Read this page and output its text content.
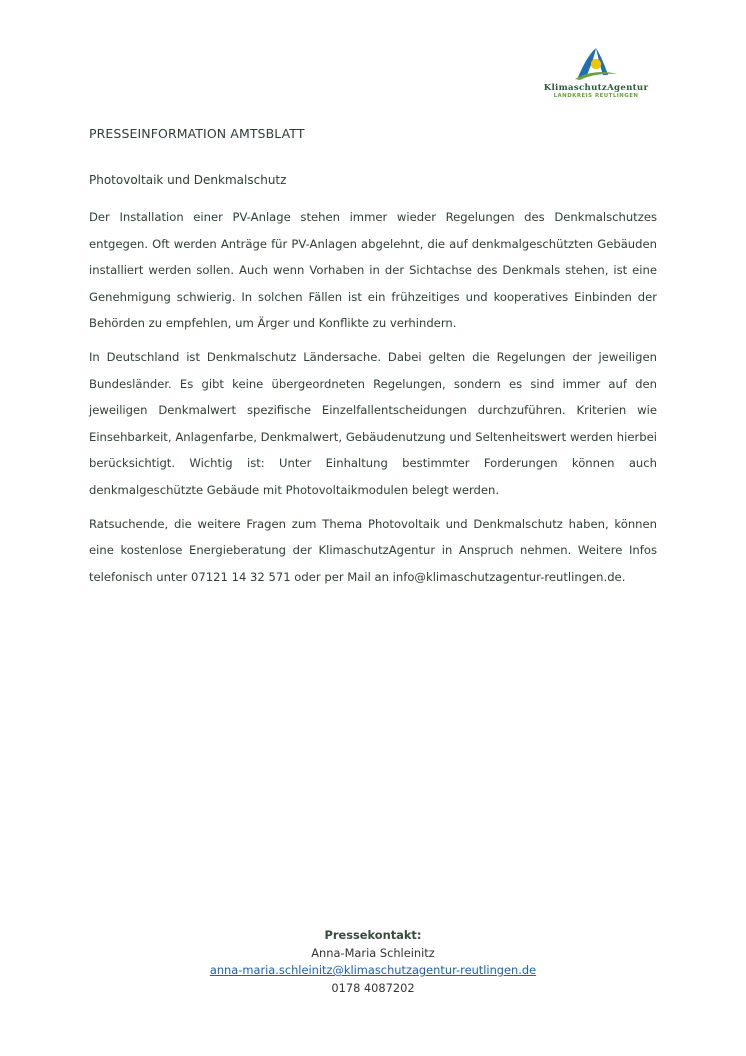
KlimaschutzAgentur
LANDKREIS REUTLINGEN
PRESSEINFORMATION AMTSBLATT
Photovoltaik und Denkmalschutz

Der Installation einer PV-Anlage stehen immer wieder Regelungen des Denkmalschutzes entgegen. Oft werden Anträge für PV-Anlagen abgelehnt, die auf denkmalgeschützten Gebäuden installiert werden sollen. Auch wenn Vorhaben in der Sichtachse des Denkmals stehen, ist eine Genehmigung schwierig. In solchen Fällen ist ein frühzeitiges und kooperatives Einbinden der Behörden zu empfehlen, um Ärger und Konflikte zu verhindern.

In Deutschland ist Denkmalschutz Ländersache. Dabei gelten die Regelungen der jeweiligen Bundesländer. Es gibt keine übergeordneten Regelungen, sondern es sind immer auf den jeweiligen Denkmalwert spezifische Einzelfallentscheidungen durchzuführen. Kriterien wie Einsehbarkeit, Anlagenfarbe, Denkmalwert, Gebäudenutzung und Seltenheitswert werden hierbei berücksichtigt. Wichtig ist: Unter Einhaltung bestimmter Forderungen können auch denkmalgeschützte Gebäude mit Photovoltaikmodulen belegt werden.

Ratsuchende, die weitere Fragen zum Thema Photovoltaik und Denkmalschutz haben, können eine kostenlose Energieberatung der KlimaschutzAgentur in Anspruch nehmen. Weitere Infos telefonisch unter 07121 14 32 571 oder per Mail an info@klimaschutzagentur-reutlingen.de.

Pressekontakt:
Anna-Maria Schleinitz
anna-maria.schleinitz@klimaschutzagentur-reutlingen.de
0178 4087202
